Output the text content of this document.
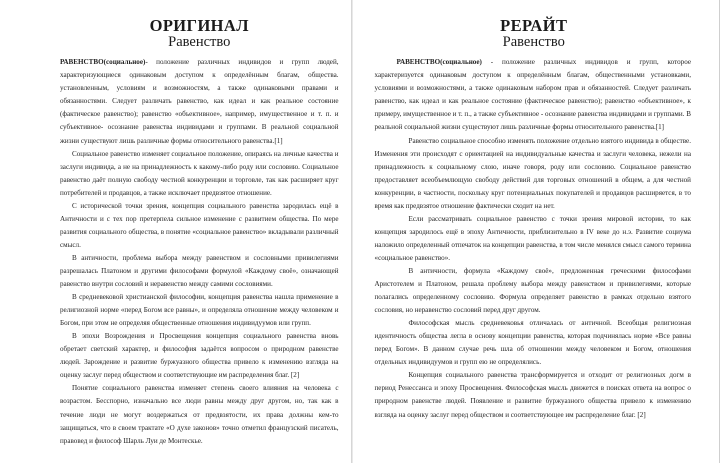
ОРИГИНАЛ
Равенство

РАВЕНСТВО(социальное)- положение различных индивидов и групп людей, характеризующиеся одинаковым доступом к определённым благам, общества. установленным, условиям и возможностям, а также одинаковыми правами и обязанностями. Следует различать равенство, как идеал и как реальное состояние (фактическое равенство); равенство «объективное», например, имущественное и т. п. и субъективное- осознание равенства индивидами и группами. В реальной социальной жизни существуют лишь различные формы относительного равенства.[1]

Социальное равенство изменяет социальное положение, опираясь на личные качества и заслуги индивида, а не на принадлежность к какому-либо роду или сословию. Социальное равенство даёт полную свободу честной конкуренции и торговле, так как расширяет круг потребителей и продавцов, а также исключает предвзятое отношение.

С исторической точки зрения, концепция социального равенства зародилась ещё в Античности и с тех пор претерпела сильное изменение с развитием общества. По мере развития социального общества, в понятие «социальное равенство» вкладывали различный смысл.

В античности, проблема выбора между равенством и сословными привилегиями разрешалась Платоном и другими философами формулой «Каждому своё», означающей равенство внутри сословий и неравенство между самими сословиями.

В средневековой христианской философии, концепция равенства нашла применение в религиозной норме «перед Богом все равны», и определяла отношение между человеком и Богом, при этом не определяя общественные отношения индивидуумов или групп.

В эпохи Возрождения и Просвещения концепция социального равенства вновь обретает светский характер, и философия задаётся вопросом о природном равенстве людей. Зарождение и развитие буржуазного общества привело к изменению взгляда на оценку заслуг перед обществом и соответствующие им распределения благ. [2]

Понятие социального равенства изменяет степень своего влияния на человека с возрастом. Бесспорно, изначально все люди равны между друг другом, но, так как в течение люди не могут воздержаться от предвзятости, их права должны кем-то защищаться, что в своем трактате «О духе законов» точно отметил французский писатель, правовед и философ Шарль Луи де Монтескье.

РЕРАЙТ
Равенство

РАВЕНСТВО(социальное) - положение различных индивидов и групп, которое характеризуется одинаковым доступом к определённым благам, общественными установками, условиями и возможностями, а также одинаковым набором прав и обязанностей. Следует различать равенство, как идеал и как реальное состояние (фактическое равенство); равенство «объективное», к примеру, имущественное и т. п., а также субъективное - осознание равенства индивидами и группами. В реальной социальной жизни существуют лишь различные формы относительного равенства.[1]

Равенство социальное способно изменять положение отдельно взятого индивида в обществе. Изменения эти происходят с ориентацией на индивидуальные качества и заслуги человека, нежели на принадлежность к социальному слою, иначе говоря, роду или сословию. Социальное равенство предоставляет всеобъемлющую свободу действий для торговых отношений в общем, а для честной конкуренции, в частности, поскольку круг потенциальных покупателей и продавцов расширяется, в то время как предвзятое отношение фактически сходит на нет.

Если рассматривать социальное равенство с точки зрения мировой истории, то как концепция зародилось ещё в эпоху Античности, приблизительно в IV веке до н.э. Развитие социума наложило определенный отпечаток на концепции равенства, в том числе менялся смысл самого термина «социальное равенство».

В античности, формула «Каждому своё», предложенная греческими философами Аристотелем и Платоном, решала проблему выбора между равенством и привилегиями, которые полагались определенному сословию. Формула определяет равенство в рамках отдельно взятого сословия, но неравенство сословий перед друг другом.

Философская мысль средневековья отличалась от античной. Всеобщая религиозная идентичность общества легла в основу концепции равенства, которая подчинялась норме «Все равны перед Богом». В данном случае речь шла об отношении между человеком и Богом, отношения отдельных индивидуумов и групп ею не определялись.

Концепция социального равенства трансформируется и отходит от религиозных догм в период Ренессанса и эпоху Просвещения. Философская мысль движется в поисках ответа на вопрос о природном равенстве людей. Появление и развитие буржуазного общества привело к изменению взгляда на оценку заслуг перед обществом и соответствующее им распределение благ. [2]
